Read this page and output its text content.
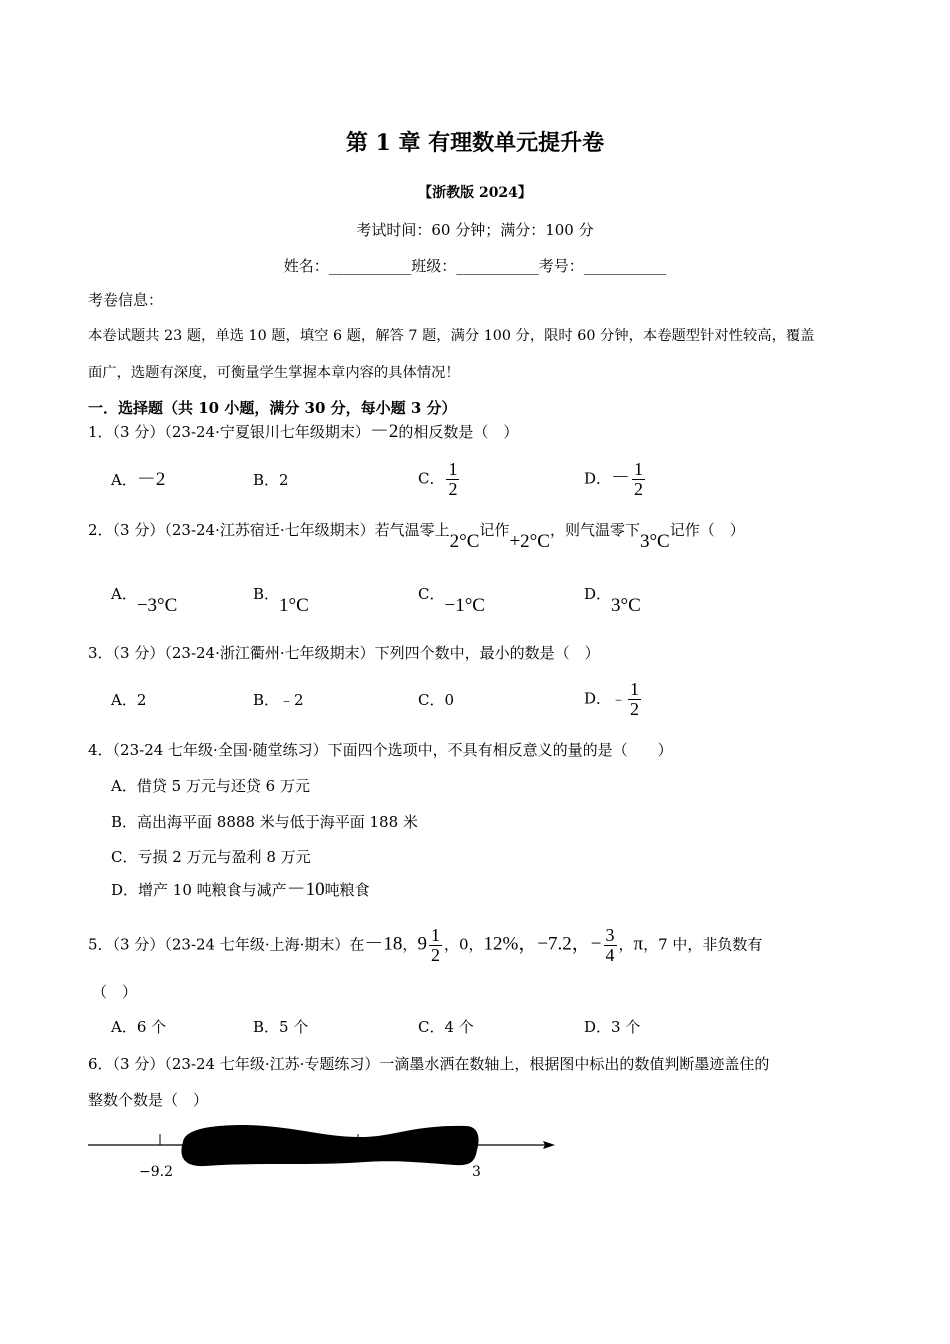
第 1 章 有理数单元提升卷
【浙教版 2024】
考试时间：60 分钟；满分：100 分
姓名：___________班级：___________考号：___________
考卷信息：
本卷试题共 23 题，单选 10 题，填空 6 题，解答 7 题，满分 100 分，限时 60 分钟，本卷题型针对性较高，覆盖
面广，选题有深度，可衡量学生掌握本章内容的具体情况！
一．选择题（共 10 小题，满分 30 分，每小题 3 分）
1．（3 分）（23-24·宁夏银川七年级期末）－2的相反数是（　）
A．－2	B．2	C． $\frac{1}{2}$	D．－ $\frac{1}{2}$
2．（3 分）（23-24·江苏宿迁·七年级期末）若气温零上2°C记作+2°C，则气温零下3°C记作（　）
A．−3°C
B．1°C
C．−1°C
D．3°C
3．（3 分）（23-24·浙江衢州·七年级期末）下列四个数中，最小的数是（　）
A．2	B．﹣2	C．0	D．﹣ $\frac{1}{2}$
4．（23-24 七年级·全国·随堂练习）下面四个选项中，不具有相反意义的量的是（　　）
A．借贷 5 万元与还贷 6 万元
B．高出海平面 8888 米与低于海平面 188 米
C．亏损 2 万元与盈利 8 万元
D．增产 10 吨粮食与减产－10吨粮食
5．（3 分）（23-24 七年级·上海·期末）在－18，$9 \frac{1}{2}$ ，0，12%，−7.2，− $\frac{3}{4}$ ，π，7 中，非负数有
（　）
A．6 个	B．5 个	C．4 个	D．3 个
6．（3 分）（23-24 七年级·江苏·专题练习）一滴墨水洒在数轴上，根据图中标出的数值判断墨迹盖住的
整数个数是（　）
−9.2	3
